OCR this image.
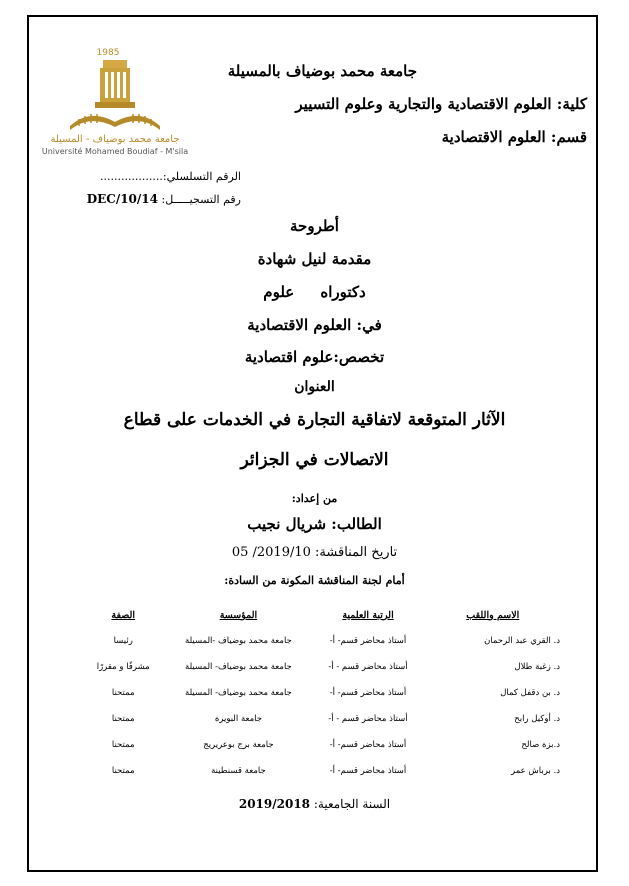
1985
جامعة محمد بوضياف - المسيلة
Université Mohamed Boudiaf - M'sila
جامعة محمد بوضياف بالمسيلة
كلية: العلوم الاقتصادية والتجارية وعلوم التسيير
قسم: العلوم الاقتصادية
الرقم التسلسلي:..................
رقم التسجيـــــل: DEC/10/14
أطروحة
مقدمة لنيل شهادة
دكتوراه     علوم
في: العلوم الاقتصادية
تخصص:علوم اقتصادية
العنوان
الآثار المتوقعة لاتفاقية التجارة في الخدمات على قطاع
الاتصالات في الجزائر
من إعداد:
الطالب: شريال نجيب
تاريخ المناقشة: 05 /2019/10
أمام لجنة المناقشة المكونة من السادة:
الاسم واللقب	الرتبة العلمية	المؤسسة	الصفة
د. القري عبد الرحمان	أستاذ محاضر قسم- أ-	جامعة محمد بوضياف -المسيلة	رئيسا
د. زغبة طلال	أستاذ محاضر قسم - أ-	جامعة محمد بوضياف- المسيلة	مشرفًا و مقررًا
د. بن دقفل كمال	أستاذ محاضر قسم- أ-	جامعة محمد بوضياف- المسيلة	ممتحنا
د. أوكيل رابح	أستاذ محاضر قسم - أ-	جامعة البويرة	ممتحنا
د.بزة صالح	أستاذ محاضر قسم- أ-	جامعة برج بوعريريج	ممتحنا
د. برباش عمر	أستاذ محاضر قسم- أ-	جامعة قسنطينة	ممتحنا
السنة الجامعية: 2019/2018
